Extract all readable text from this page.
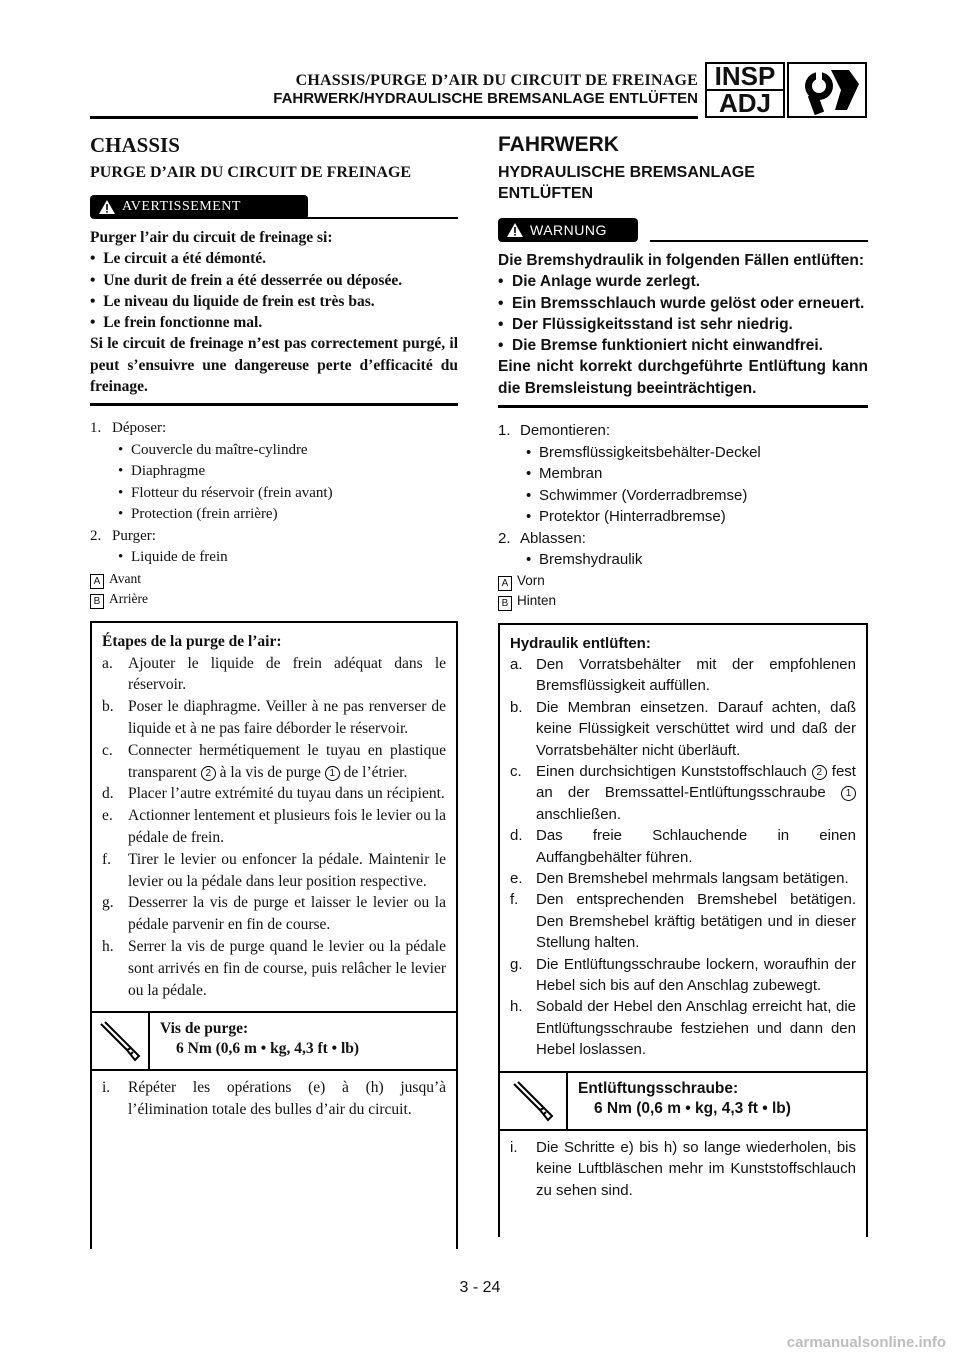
CHASSIS/PURGE D’AIR DU CIRCUIT DE FREINAGE
FAHRWERK/HYDRAULISCHE BREMSANLAGE ENTLÜFTEN
INSP
ADJ
CHASSIS
PURGE D’AIR DU CIRCUIT DE FREINAGE
AVERTISSEMENT

Purger l’air du circuit de freinage si:

•  Le circuit a été démonté.

•  Une durit de frein a été desserrée ou déposée.

•  Le niveau du liquide de frein est très bas.

•  Le frein fonctionne mal.

Si le circuit de freinage n’est pas correctement purgé, il peut s’ensuivre une dangereuse perte d’efficacité du freinage.

1. Déposer:
• Couvercle du maître-cylindre
• Diaphragme
• Flotteur du réservoir (frein avant)
• Protection (frein arrière)
2. Purger:
• Liquide de frein
A Avant
B Arrière
Étapes de la purge de l’air:
a. Ajouter le liquide de frein adéquat dans le réservoir.
b. Poser le diaphragme. Veiller à ne pas renverser de liquide et à ne pas faire déborder le réservoir.
c. Connecter hermétiquement le tuyau en plastique transparent 2 à la vis de purge 1 de l’étrier.
d. Placer l’autre extrémité du tuyau dans un récipient.
e. Actionner lentement et plusieurs fois le levier ou la pédale de frein.
f. Tirer le levier ou enfoncer la pédale. Maintenir le levier ou la pédale dans leur position respective.
g. Desserrer la vis de purge et laisser le levier ou la pédale parvenir en fin de course.
h. Serrer la vis de purge quand le levier ou la pédale sont arrivés en fin de course, puis relâcher le levier ou la pédale.
Vis de purge:
6 Nm (0,6 m • kg, 4,3 ft • lb)
i. Répéter les opérations (e) à (h) jusqu’à l’élimination totale des bulles d’air du circuit.
FAHRWERK
HYDRAULISCHE BREMSANLAGE ENTLÜFTEN
WARNUNG

Die Bremshydraulik in folgenden Fällen entlüften:

•  Die Anlage wurde zerlegt.

•  Ein Bremsschlauch wurde gelöst oder erneuert.

•  Der Flüssigkeitsstand ist sehr niedrig.

•  Die Bremse funktioniert nicht einwandfrei.

Eine nicht korrekt durchgeführte Entlüftung kann die Bremsleistung beeinträchtigen.

1. Demontieren:
• Bremsflüssigkeitsbehälter-Deckel
• Membran
• Schwimmer (Vorderradbremse)
• Protektor (Hinterradbremse)
2. Ablassen:
• Bremshydraulik
A Vorn
B Hinten
Hydraulik entlüften:
a. Den Vorratsbehälter mit der empfohlenen Bremsflüssigkeit auffüllen.
b. Die Membran einsetzen. Darauf achten, daß keine Flüssigkeit verschüttet wird und daß der Vorratsbehälter nicht überläuft.
c. Einen durchsichtigen Kunststoffschlauch 2 fest an der Bremssattel-Entlüftungsschraube 1 anschließen.
d. Das freie Schlauchende in einen Auffangbehälter führen.
e. Den Bremshebel mehrmals langsam betätigen.
f. Den entsprechenden Bremshebel betätigen. Den Bremshebel kräftig betätigen und in dieser Stellung halten.
g. Die Entlüftungsschraube lockern, woraufhin der Hebel sich bis auf den Anschlag zubewegt.
h. Sobald der Hebel den Anschlag erreicht hat, die Entlüftungsschraube festziehen und dann den Hebel loslassen.
Entlüftungsschraube:
6 Nm (0,6 m • kg, 4,3 ft • lb)
i. Die Schritte e) bis h) so lange wiederholen, bis keine Luftbläschen mehr im Kunststoffschlauch zu sehen sind.
3 - 24
carmanualsonline.info
